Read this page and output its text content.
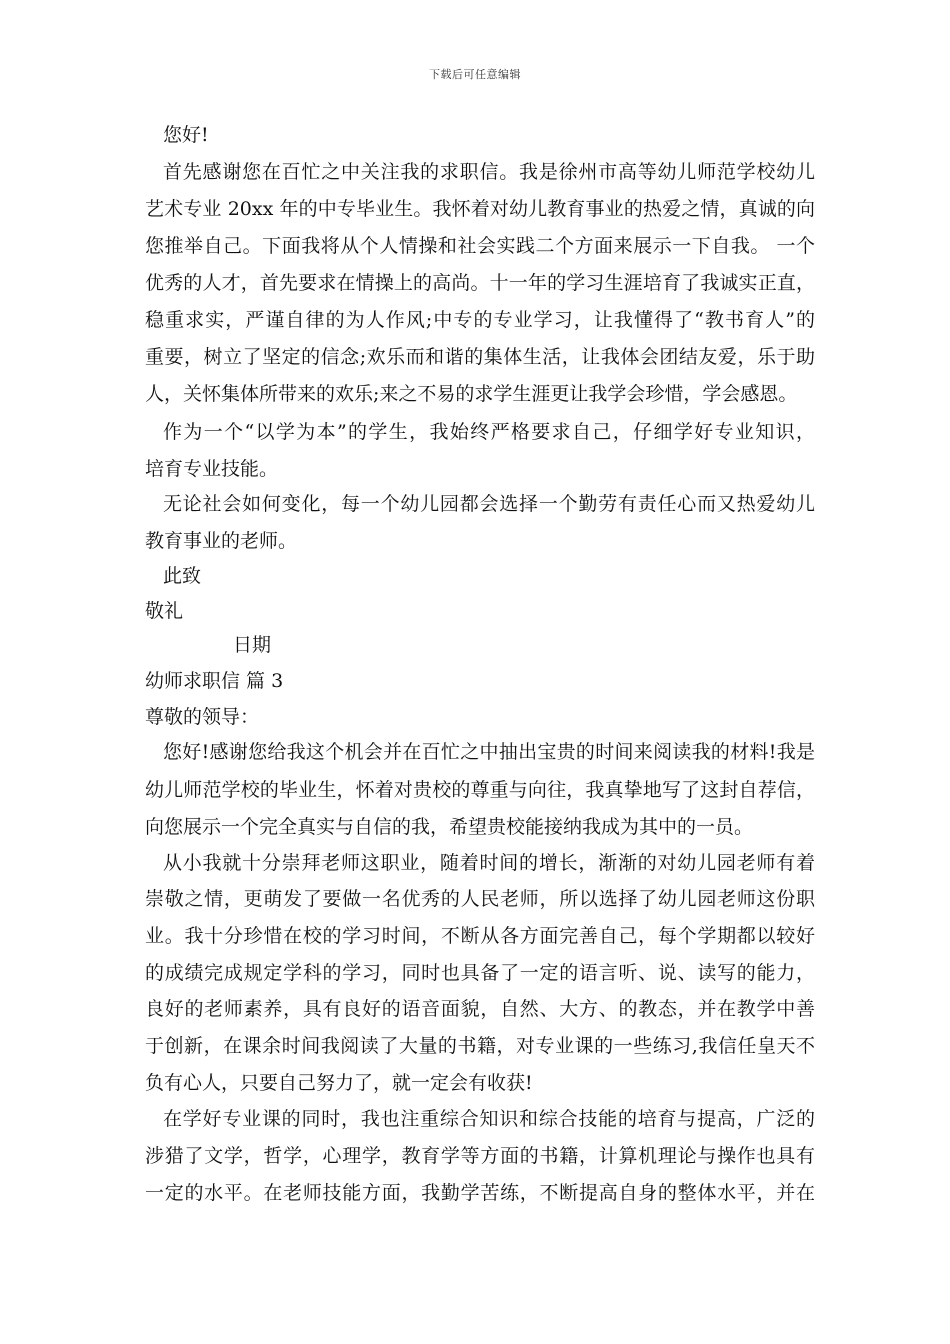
下载后可任意编辑
您好!
首先感谢您在百忙之中关注我的求职信。我是徐州市高等幼儿师范学校幼儿
艺术专业 20xx 年的中专毕业生。我怀着对幼儿教育事业的热爱之情，真诚的向
您推举自己。下面我将从个人情操和社会实践二个方面来展示一下自我。 一个
优秀的人才，首先要求在情操上的高尚。十一年的学习生涯培育了我诚实正直，
稳重求实，严谨自律的为人作风;中专的专业学习，让我懂得了“教书育人”的
重要，树立了坚定的信念;欢乐而和谐的集体生活，让我体会团结友爱，乐于助
人，关怀集体所带来的欢乐;来之不易的求学生涯更让我学会珍惜，学会感恩。
作为一个“以学为本”的学生，我始终严格要求自己，仔细学好专业知识，
培育专业技能。
无论社会如何变化，每一个幼儿园都会选择一个勤劳有责任心而又热爱幼儿
教育事业的老师。
此致
敬礼
日期
幼师求职信 篇 3
尊敬的领导：
您好!感谢您给我这个机会并在百忙之中抽出宝贵的时间来阅读我的材料!我是
幼儿师范学校的毕业生，怀着对贵校的尊重与向往，我真挚地写了这封自荐信，
向您展示一个完全真实与自信的我，希望贵校能接纳我成为其中的一员。
从小我就十分崇拜老师这职业，随着时间的增长，渐渐的对幼儿园老师有着
崇敬之情，更萌发了要做一名优秀的人民老师，所以选择了幼儿园老师这份职
业。我十分珍惜在校的学习时间，不断从各方面完善自己，每个学期都以较好
的成绩完成规定学科的学习，同时也具备了一定的语言听、说、读写的能力，
良好的老师素养，具有良好的语音面貌，自然、大方、的教态，并在教学中善
于创新，在课余时间我阅读了大量的书籍，对专业课的一些练习,我信任皇天不
负有心人，只要自己努力了，就一定会有收获!
在学好专业课的同时，我也注重综合知识和综合技能的培育与提高，广泛的
涉猎了文学，哲学，心理学，教育学等方面的书籍，计算机理论与操作也具有
一定的水平。在老师技能方面，我勤学苦练，不断提高自身的整体水平，并在
